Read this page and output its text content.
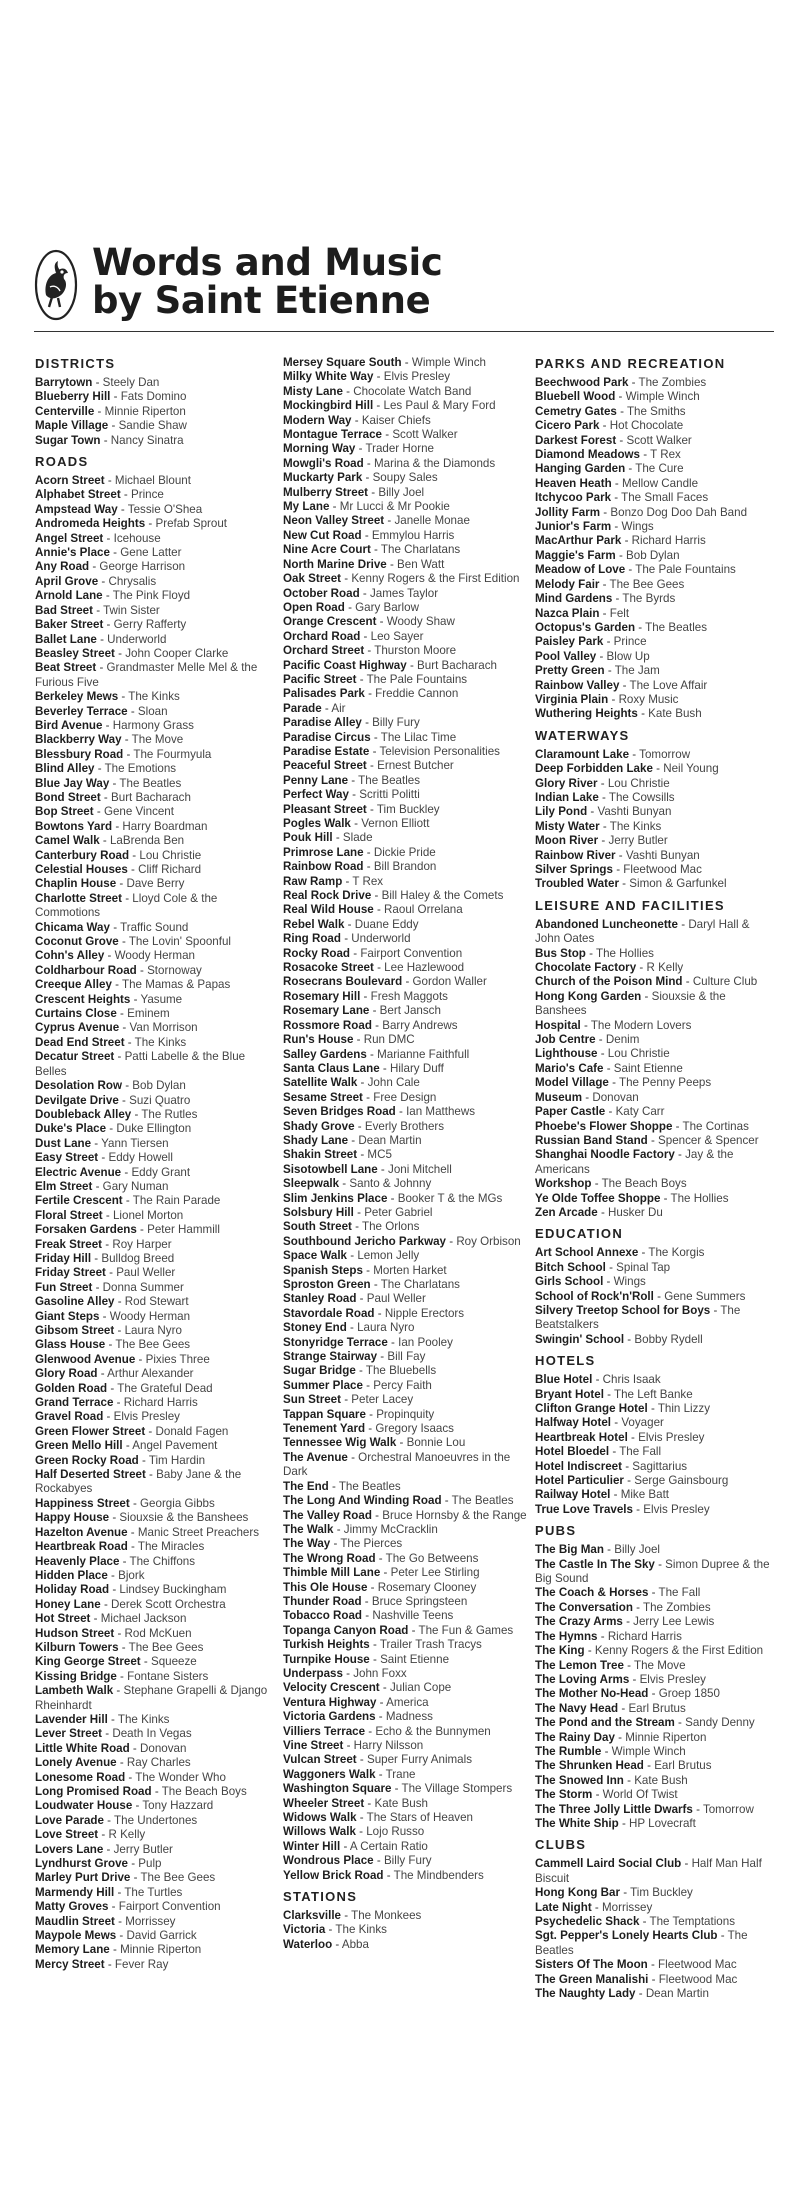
Words and Music
by Saint Etienne
DISTRICTS
Barrytown - Steely Dan
Blueberry Hill - Fats Domino
Centerville - Minnie Riperton
Maple Village - Sandie Shaw
Sugar Town - Nancy Sinatra
ROADS
Acorn Street - Michael Blount
Alphabet Street - Prince
Ampstead Way - Tessie O'Shea
Andromeda Heights - Prefab Sprout
Angel Street - Icehouse
Annie's Place - Gene Latter
Any Road - George Harrison
April Grove - Chrysalis
Arnold Lane - The Pink Floyd
Bad Street - Twin Sister
Baker Street - Gerry Rafferty
Ballet Lane - Underworld
Beasley Street - John Cooper Clarke
Beat Street - Grandmaster Melle Mel & the Furious Five
Berkeley Mews - The Kinks
Beverley Terrace - Sloan
Bird Avenue - Harmony Grass
Blackberry Way - The Move
Blessbury Road - The Fourmyula
Blind Alley - The Emotions
Blue Jay Way - The Beatles
Bond Street - Burt Bacharach
Bop Street - Gene Vincent
Bowtons Yard - Harry Boardman
Camel Walk - LaBrenda Ben
Canterbury Road - Lou Christie
Celestial Houses - Cliff Richard
Chaplin House - Dave Berry
Charlotte Street - Lloyd Cole & the Commotions
Chicama Way - Traffic Sound
Coconut Grove - The Lovin' Spoonful
Cohn's Alley - Woody Herman
Coldharbour Road - Stornoway
Creeque Alley - The Mamas & Papas
Crescent Heights - Yasume
Curtains Close - Eminem
Cyprus Avenue - Van Morrison
Dead End Street - The Kinks
Decatur Street - Patti Labelle & the Blue Belles
Desolation Row - Bob Dylan
Devilgate Drive - Suzi Quatro
Doubleback Alley - The Rutles
Duke's Place - Duke Ellington
Dust Lane - Yann Tiersen
Easy Street - Eddy Howell
Electric Avenue - Eddy Grant
Elm Street - Gary Numan
Fertile Crescent - The Rain Parade
Floral Street - Lionel Morton
Forsaken Gardens - Peter Hammill
Freak Street - Roy Harper
Friday Hill - Bulldog Breed
Friday Street - Paul Weller
Fun Street - Donna Summer
Gasoline Alley - Rod Stewart
Giant Steps - Woody Herman
Gibsom Street - Laura Nyro
Glass House - The Bee Gees
Glenwood Avenue - Pixies Three
Glory Road - Arthur Alexander
Golden Road - The Grateful Dead
Grand Terrace - Richard Harris
Gravel Road - Elvis Presley
Green Flower Street - Donald Fagen
Green Mello Hill - Angel Pavement
Green Rocky Road - Tim Hardin
Half Deserted Street - Baby Jane & the Rockabyes
Happiness Street - Georgia Gibbs
Happy House - Siouxsie & the Banshees
Hazelton Avenue - Manic Street Preachers
Heartbreak Road - The Miracles
Heavenly Place - The Chiffons
Hidden Place - Bjork
Holiday Road - Lindsey Buckingham
Honey Lane - Derek Scott Orchestra
Hot Street - Michael Jackson
Hudson Street - Rod McKuen
Kilburn Towers - The Bee Gees
King George Street - Squeeze
Kissing Bridge - Fontane Sisters
Lambeth Walk - Stephane Grapelli & Django Rheinhardt
Lavender Hill - The Kinks
Lever Street - Death In Vegas
Little White Road - Donovan
Lonely Avenue - Ray Charles
Lonesome Road - The Wonder Who
Long Promised Road - The Beach Boys
Loudwater House - Tony Hazzard
Love Parade - The Undertones
Love Street - R Kelly
Lovers Lane - Jerry Butler
Lyndhurst Grove - Pulp
Marley Purt Drive - The Bee Gees
Marmendy Hill - The Turtles
Matty Groves - Fairport Convention
Maudlin Street - Morrissey
Maypole Mews - David Garrick
Memory Lane - Minnie Riperton
Mercy Street - Fever Ray
Mersey Square South - Wimple Winch
Milky White Way - Elvis Presley
Misty Lane - Chocolate Watch Band
Mockingbird Hill - Les Paul & Mary Ford
Modern Way - Kaiser Chiefs
Montague Terrace - Scott Walker
Morning Way - Trader Horne
Mowgli's Road - Marina & the Diamonds
Muckarty Park - Soupy Sales
Mulberry Street - Billy Joel
My Lane - Mr Lucci & Mr Pookie
Neon Valley Street - Janelle Monae
New Cut Road - Emmylou Harris
Nine Acre Court - The Charlatans
North Marine Drive - Ben Watt
Oak Street - Kenny Rogers & the First Edition
October Road - James Taylor
Open Road - Gary Barlow
Orange Crescent - Woody Shaw
Orchard Road - Leo Sayer
Orchard Street - Thurston Moore
Pacific Coast Highway - Burt Bacharach
Pacific Street - The Pale Fountains
Palisades Park - Freddie Cannon
Parade - Air
Paradise Alley - Billy Fury
Paradise Circus - The Lilac Time
Paradise Estate - Television Personalities
Peaceful Street - Ernest Butcher
Penny Lane - The Beatles
Perfect Way - Scritti Politti
Pleasant Street - Tim Buckley
Pogles Walk - Vernon Elliott
Pouk Hill - Slade
Primrose Lane - Dickie Pride
Rainbow Road - Bill Brandon
Raw Ramp - T Rex
Real Rock Drive - Bill Haley & the Comets
Real Wild House - Raoul Orrelana
Rebel Walk - Duane Eddy
Ring Road - Underworld
Rocky Road - Fairport Convention
Rosacoke Street - Lee Hazlewood
Rosecrans Boulevard - Gordon Waller
Rosemary Hill - Fresh Maggots
Rosemary Lane - Bert Jansch
Rossmore Road - Barry Andrews
Run's House - Run DMC
Salley Gardens - Marianne Faithfull
Santa Claus Lane - Hilary Duff
Satellite Walk - John Cale
Sesame Street - Free Design
Seven Bridges Road - Ian Matthews
Shady Grove - Everly Brothers
Shady Lane - Dean Martin
Shakin Street - MC5
Sisotowbell Lane - Joni Mitchell
Sleepwalk - Santo & Johnny
Slim Jenkins Place - Booker T & the MGs
Solsbury Hill - Peter Gabriel
South Street - The Orlons
Southbound Jericho Parkway - Roy Orbison
Space Walk - Lemon Jelly
Spanish Steps - Morten Harket
Sproston Green - The Charlatans
Stanley Road - Paul Weller
Stavordale Road - Nipple Erectors
Stoney End - Laura Nyro
Stonyridge Terrace - Ian Pooley
Strange Stairway - Bill Fay
Sugar Bridge - The Bluebells
Summer Place - Percy Faith
Sun Street - Peter Lacey
Tappan Square - Propinquity
Tenement Yard - Gregory Isaacs
Tennessee Wig Walk - Bonnie Lou
The Avenue - Orchestral Manoeuvres in the Dark
The End - The Beatles
The Long And Winding Road - The Beatles
The Valley Road - Bruce Hornsby & the Range
The Walk - Jimmy McCracklin
The Way - The Pierces
The Wrong Road - The Go Betweens
Thimble Mill Lane - Peter Lee Stirling
This Ole House - Rosemary Clooney
Thunder Road - Bruce Springsteen
Tobacco Road - Nashville Teens
Topanga Canyon Road - The Fun & Games
Turkish Heights - Trailer Trash Tracys
Turnpike House - Saint Etienne
Underpass - John Foxx
Velocity Crescent - Julian Cope
Ventura Highway - America
Victoria Gardens - Madness
Villiers Terrace - Echo & the Bunnymen
Vine Street - Harry Nilsson
Vulcan Street - Super Furry Animals
Waggoners Walk - Trane
Washington Square - The Village Stompers
Wheeler Street - Kate Bush
Widows Walk - The Stars of Heaven
Willows Walk - Lojo Russo
Winter Hill - A Certain Ratio
Wondrous Place - Billy Fury
Yellow Brick Road - The Mindbenders
STATIONS
Clarksville - The Monkees
Victoria - The Kinks
Waterloo - Abba
PARKS AND RECREATION
Beechwood Park - The Zombies
Bluebell Wood - Wimple Winch
Cemetry Gates - The Smiths
Cicero Park - Hot Chocolate
Darkest Forest - Scott Walker
Diamond Meadows - T Rex
Hanging Garden - The Cure
Heaven Heath - Mellow Candle
Itchycoo Park - The Small Faces
Jollity Farm - Bonzo Dog Doo Dah Band
Junior's Farm - Wings
MacArthur Park - Richard Harris
Maggie's Farm - Bob Dylan
Meadow of Love - The Pale Fountains
Melody Fair - The Bee Gees
Mind Gardens - The Byrds
Nazca Plain - Felt
Octopus's Garden - The Beatles
Paisley Park - Prince
Pool Valley - Blow Up
Pretty Green - The Jam
Rainbow Valley - The Love Affair
Virginia Plain - Roxy Music
Wuthering Heights - Kate Bush
WATERWAYS
Claramount Lake - Tomorrow
Deep Forbidden Lake - Neil Young
Glory River - Lou Christie
Indian Lake - The Cowsills
Lily Pond - Vashti Bunyan
Misty Water - The Kinks
Moon River - Jerry Butler
Rainbow River - Vashti Bunyan
Silver Springs - Fleetwood Mac
Troubled Water - Simon & Garfunkel
LEISURE AND FACILITIES
Abandoned Luncheonette - Daryl Hall & John Oates
Bus Stop - The Hollies
Chocolate Factory - R Kelly
Church of the Poison Mind - Culture Club
Hong Kong Garden - Siouxsie & the Banshees
Hospital - The Modern Lovers
Job Centre - Denim
Lighthouse - Lou Christie
Mario's Cafe - Saint Etienne
Model Village - The Penny Peeps
Museum - Donovan
Paper Castle - Katy Carr
Phoebe's Flower Shoppe - The Cortinas
Russian Band Stand - Spencer & Spencer
Shanghai Noodle Factory - Jay & the Americans
Workshop - The Beach Boys
Ye Olde Toffee Shoppe - The Hollies
Zen Arcade - Husker Du
EDUCATION
Art School Annexe - The Korgis
Bitch School - Spinal Tap
Girls School - Wings
School of Rock'n'Roll - Gene Summers
Silvery Treetop School for Boys - The Beatstalkers
Swingin' School - Bobby Rydell
HOTELS
Blue Hotel - Chris Isaak
Bryant Hotel - The Left Banke
Clifton Grange Hotel - Thin Lizzy
Halfway Hotel - Voyager
Heartbreak Hotel - Elvis Presley
Hotel Bloedel - The Fall
Hotel Indiscreet - Sagittarius
Hotel Particulier - Serge Gainsbourg
Railway Hotel - Mike Batt
True Love Travels - Elvis Presley
PUBS
The Big Man - Billy Joel
The Castle In The Sky - Simon Dupree & the Big Sound
The Coach & Horses - The Fall
The Conversation - The Zombies
The Crazy Arms - Jerry Lee Lewis
The Hymns - Richard Harris
The King - Kenny Rogers & the First Edition
The Lemon Tree - The Move
The Loving Arms - Elvis Presley
The Mother No-Head - Groep 1850
The Navy Head - Earl Brutus
The Pond and the Stream - Sandy Denny
The Rainy Day - Minnie Riperton
The Rumble - Wimple Winch
The Shrunken Head - Earl Brutus
The Snowed Inn - Kate Bush
The Storm - World Of Twist
The Three Jolly Little Dwarfs - Tomorrow
The White Ship - HP Lovecraft
CLUBS
Cammell Laird Social Club - Half Man Half Biscuit
Hong Kong Bar - Tim Buckley
Late Night - Morrissey
Psychedelic Shack - The Temptations
Sgt. Pepper's Lonely Hearts Club - The Beatles
Sisters Of The Moon - Fleetwood Mac
The Green Manalishi - Fleetwood Mac
The Naughty Lady - Dean Martin
